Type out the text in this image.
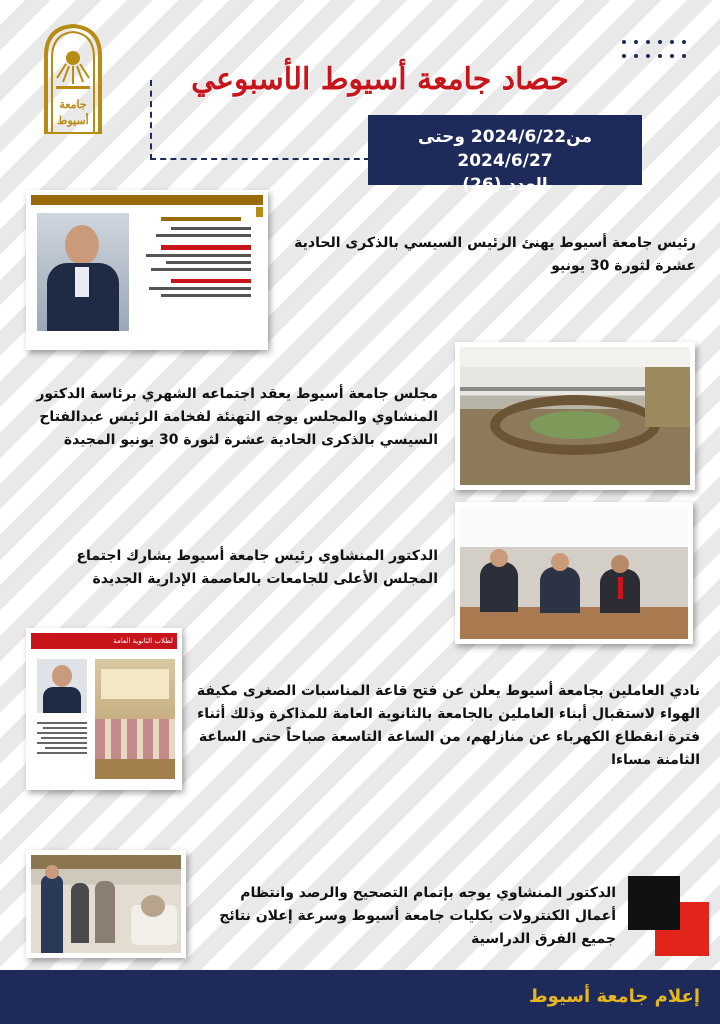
جامعة
أسيوط
حصاد جامعة أسيوط الأسبوعي
من2024/6/22 وحتى 2024/6/27
العدد (26)
رئيس جامعة أسيوط يهنئ الرئيس السيسي بالذكرى الحادية عشرة لثورة 30 يونيو
مجلس جامعة أسيوط يعقد اجتماعه الشهري برئاسة الدكتور المنشاوي والمجلس يوجه التهنئة لفخامة الرئيس عبدالفتاح السيسي بالذكرى الحادية عشرة لثورة 30 يونيو المجيدة
الدكتور المنشاوي رئيس جامعة أسيوط يشارك اجتماع المجلس الأعلى للجامعات بالعاصمة الإدارية الجديدة
لطلاب الثانوية العامة
نادي العاملين بجامعة أسيوط يعلن عن فتح قاعة المناسبات الصغرى مكيفة الهواء لاستقبال أبناء العاملين بالجامعة بالثانوية العامة للمذاكرة وذلك أثناء فترة انقطاع الكهرباء عن منازلهم، من الساعة التاسعة صباحاً حتى الساعة الثامنة مساءا
الدكتور المنشاوي يوجه بإتمام التصحيح والرصد وانتظام أعمال الكنترولات بكليات جامعة أسيوط وسرعة إعلان نتائج جميع الفرق الدراسية
إعلام جامعة أسيوط
